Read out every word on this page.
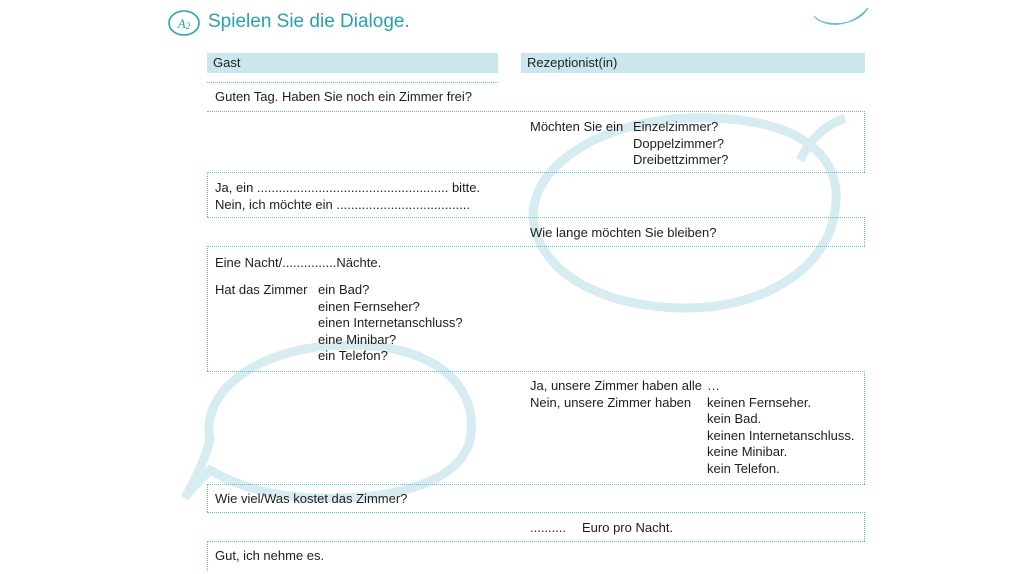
A2 Spielen Sie die Dialoge.
Gast	Rezeptionist(in)
Guten Tag. Haben Sie noch ein Zimmer frei?
Möchten Sie ein Einzelzimmer?
Doppelzimmer?
Dreibettzimmer?
Ja, ein ..................................................... bitte.
Nein, ich möchte ein .....................................
Wie lange möchten Sie bleiben?
Eine Nacht/...............Nächte.
Hat das Zimmer ein Bad?
einen Fernseher?
einen Internetanschluss?
eine Minibar?
ein Telefon?
Ja, unsere Zimmer haben alle
Nein, unsere Zimmer haben
…
keinen Fernseher.
kein Bad.
keinen Internetanschluss.
keine Minibar.
kein Telefon.
Wie viel/Was kostet das Zimmer?
.......... Euro pro Nacht.
Gut, ich nehme es.
